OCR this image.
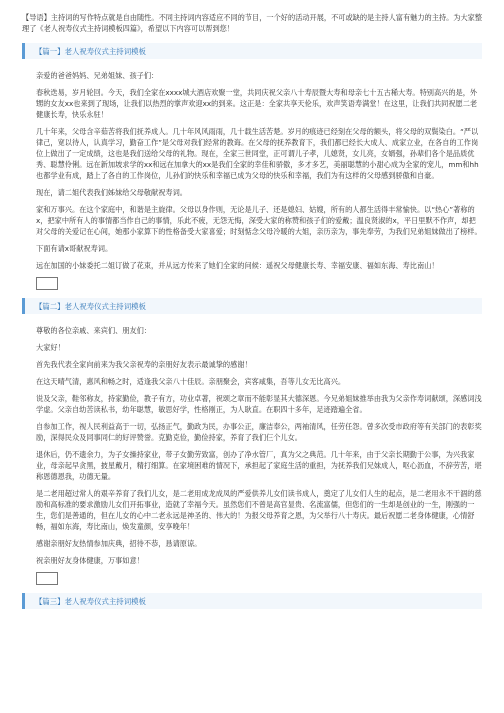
【导语】主持词的写作特点就是自由随性。不同主持词内容适应不同的节目，一个好的活动开展，不可或缺的是主持人富有魅力的主持。为大家整理了《老人祝寿仪式主持词模板四篇》，希望以下内容可以帮到您！

【篇一】老人祝寿仪式主持词模板

亲爱的爸爸妈妈、兄弟姐妹、孩子们：

春秋迭易，岁月轮回。今天，我们全家在xxxx城大酒店欢聚一堂，共同庆祝父亲八十寿辰暨大寿和母亲七十五古稀大寿。特别高兴的是，外甥的女友xx也来到了现场，让我们以热烈的掌声欢迎xx的到来。这正是：全家共享天伦乐，欢声笑语寿满堂！在这里，让我们共同祝愿二老健康长寿，快乐永驻！

几十年来，父母含辛茹苦将我们抚养成人。几十年风风雨雨，几十载生活苦楚。岁月的痕迹已经刻在父母的额头，将父母的双鬓染白。“严以律己，宽以待人，认真学习，勤奋工作”是父母对我们经常的教诲。在父母的抚养教育下，我们都已经长大成人、成家立业，在各自的工作岗位上做出了一定成绩，这也是我们送给父母的礼物。现在，全家三世同堂，正可谓儿子孝，儿媳贤，女儿亮，女婿强，孙辈们各个是品质优秀、聪慧伶俐。远在新加坡求学的xx和远在加拿大的xx是我们全家的幸佳和骄傲，多才多艺，美丽聪慧的小甜心成为全家的宠儿，mm和hh也都学业有成，踏上了各自的工作岗位，儿孙们的快乐和幸福已成为父母的快乐和幸福，我们为有这样的父母感到骄傲和自豪。

现在，请二姐代表我们姊妹给父母敬献祝寿词。

家和万事兴。在这个家庭中，和谐是主旋律。父母以身作则，无论是儿子、还是媳妇、姑嫂，所有的人都生活得丰常愉快。以“热心”著称的x，把家中所有人的事情都当作自己的事情，乐此不疲，无怨无悔，深受大家的称赞和孩子们的爱戴；温良贤淑的x，平日里默不作声，却把对父母的关爱记在心间，她那小家算下的性格备受大家喜爱；时刻惦念父母冷暖的大姐，亲历亲为，事先奉劳，为我们兄弟姐妹做出了榜样。

下面有请x哥献祝寿词。

远在加国的小妹委托二姐订做了花束，并从远方传来了她们全家的问候：遥祝父母健康长寿、幸福安康、福如东海、寿比南山！

【篇二】老人祝寿仪式主持词模板

尊敬的各位亲戚、来宾们、朋友们：

大家好！

首先我代表全家向前来为我父亲祝寿的亲朋好友表示最诚挚的感谢！

在这天晴气清，惠风和畅之时，适逢我父亲八十佳辰。亲朋聚会，宾客咸集，吾等儿女无比高兴。

说及父亲，鞋邻称友，持家勤俭，教子有方，功业卓著，祝颂之章而不能彰显其大德深恩。今兄弟姐妹推举由我为父亲作寿词献颂，深感词浅学虚。父亲自幼苦读私书，幼年聪慧，敏思好学，性格刚正，为人耿直。在职四十多年，足迹踏遍全省。

自参加工作，视人民利益高于一切，弘扬正气，勤政为民，办事公正，廉洁奉公，两袖清风，任劳任怨。曾多次受市政府等有关部门的表彰奖励，深得民众及同事同仁的好评赞誉。克勤克俭，勤俭持家，养育了我们仨个儿女。

退休后，仍不遗余力，为子女操持家业，带子女勤劳致富，创办了净水管厂，真为父之典范。几十年来，由于父亲长期勤于公事，为兴我家业，母亲起早贪黑，披星戴月，精打细算。在家境困难的情况下，承担起了家庭生活的重担，为抚养我们兄妹成人，呕心沥血，不辞劳苦，堪称恩德恩我，功德无量。

是二老用超过常人的艰辛养育了我们儿女，是二老用成龙成凤的严爱供养儿女们读书成人，奠定了儿女们人生的起点，是二老用永不干涸的慈励和高标准的要求激励儿女们开拓事业，造就了幸福今天。虽然您们不曾是高官显贵、名流富儒，但您们的一生却是创业的一生，刚强的一生，您们是善通的，但在儿女的心中二老永远是神圣的、伟大的！为报父母养育之恩，为父举行八十寿庆。最后祝愿二老身体健康，心情舒畅，福如东海，寿比南山，焕发童颜，安享晚年！

感谢亲朋好友热情参加庆典，招待不恭，恳请原谅。

祝亲朋好友身体健康，万事如意！

【篇三】老人祝寿仪式主持词模板
